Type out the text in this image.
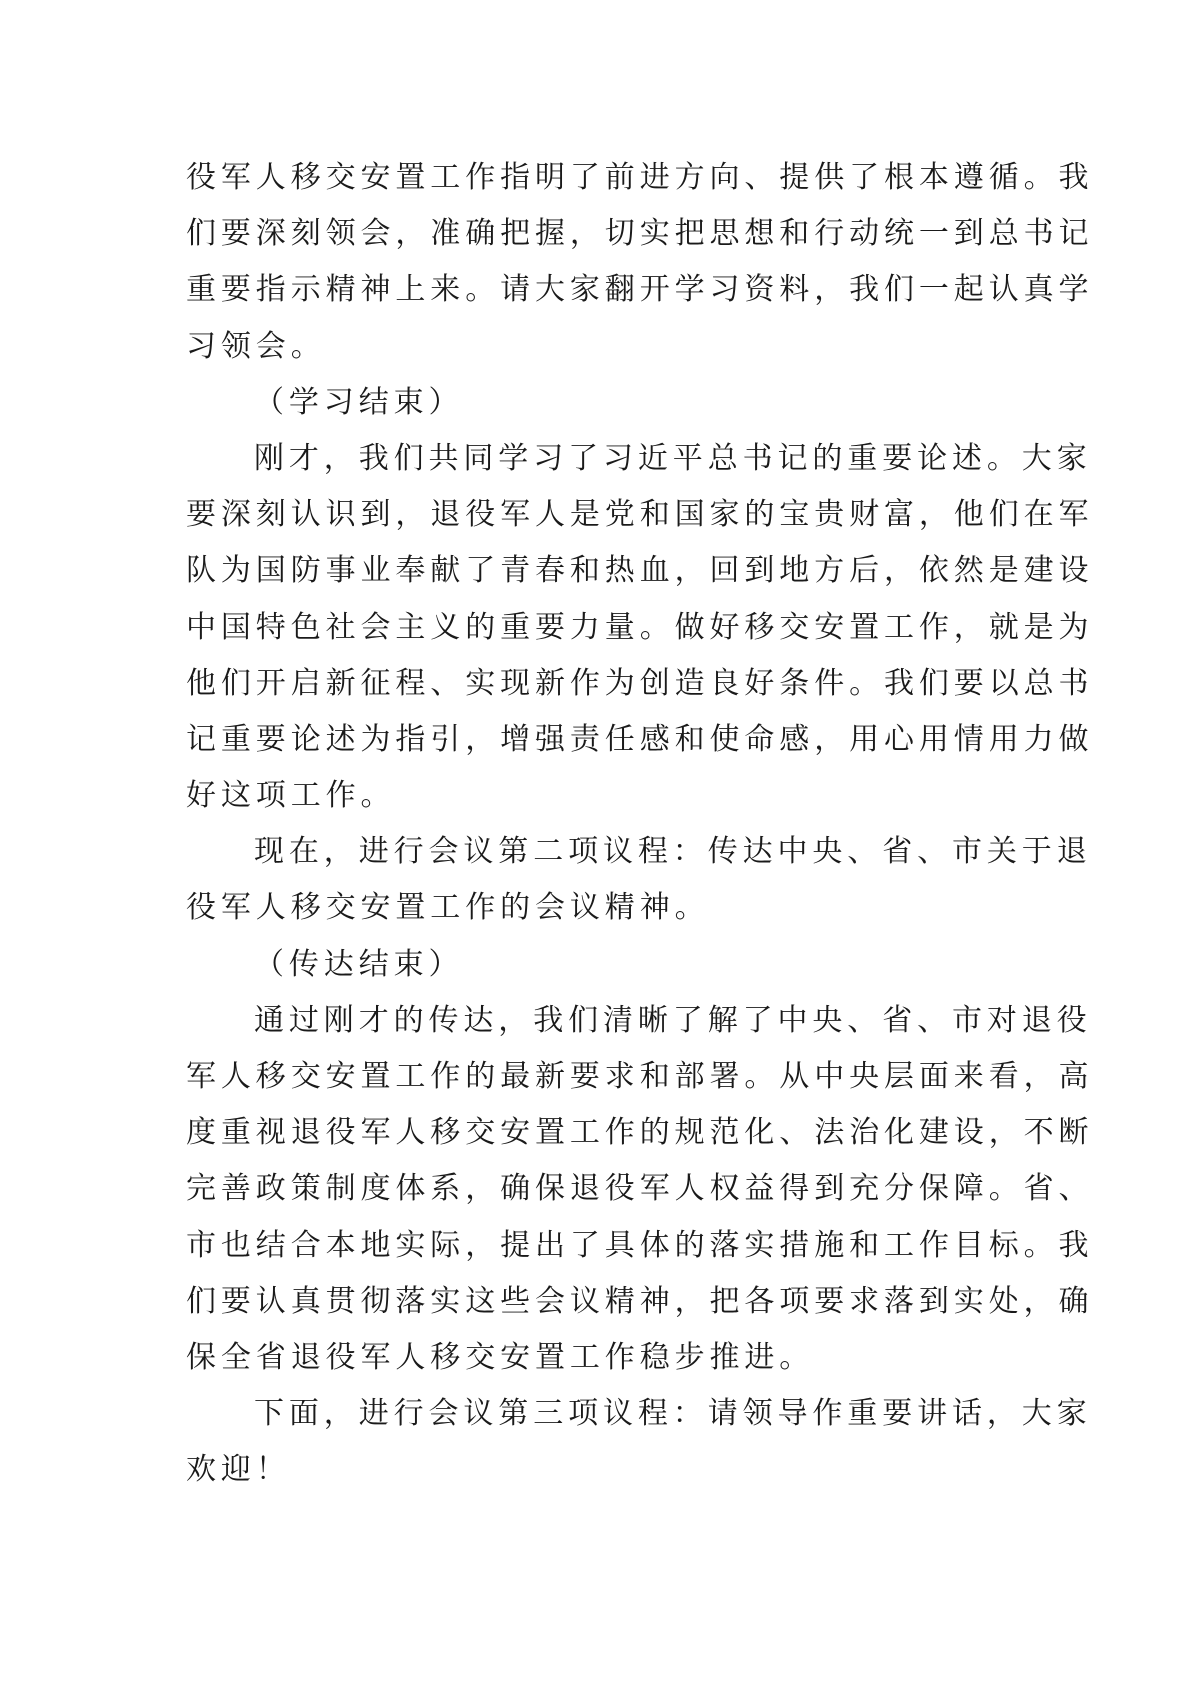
役军人移交安置工作指明了前进方向、提供了根本遵循。我
们要深刻领会，准确把握，切实把思想和行动统一到总书记
重要指示精神上来。请大家翻开学习资料，我们一起认真学
习领会。
（学习结束）
刚才，我们共同学习了习近平总书记的重要论述。大家
要深刻认识到，退役军人是党和国家的宝贵财富，他们在军
队为国防事业奉献了青春和热血，回到地方后，依然是建设
中国特色社会主义的重要力量。做好移交安置工作，就是为
他们开启新征程、实现新作为创造良好条件。我们要以总书
记重要论述为指引，增强责任感和使命感，用心用情用力做
好这项工作。
现在，进行会议第二项议程：传达中央、省、市关于退
役军人移交安置工作的会议精神。
（传达结束）
通过刚才的传达，我们清晰了解了中央、省、市对退役
军人移交安置工作的最新要求和部署。从中央层面来看，高
度重视退役军人移交安置工作的规范化、法治化建设，不断
完善政策制度体系，确保退役军人权益得到充分保障。省、
市也结合本地实际，提出了具体的落实措施和工作目标。我
们要认真贯彻落实这些会议精神，把各项要求落到实处，确
保全省退役军人移交安置工作稳步推进。
下面，进行会议第三项议程：请领导作重要讲话，大家
欢迎！
